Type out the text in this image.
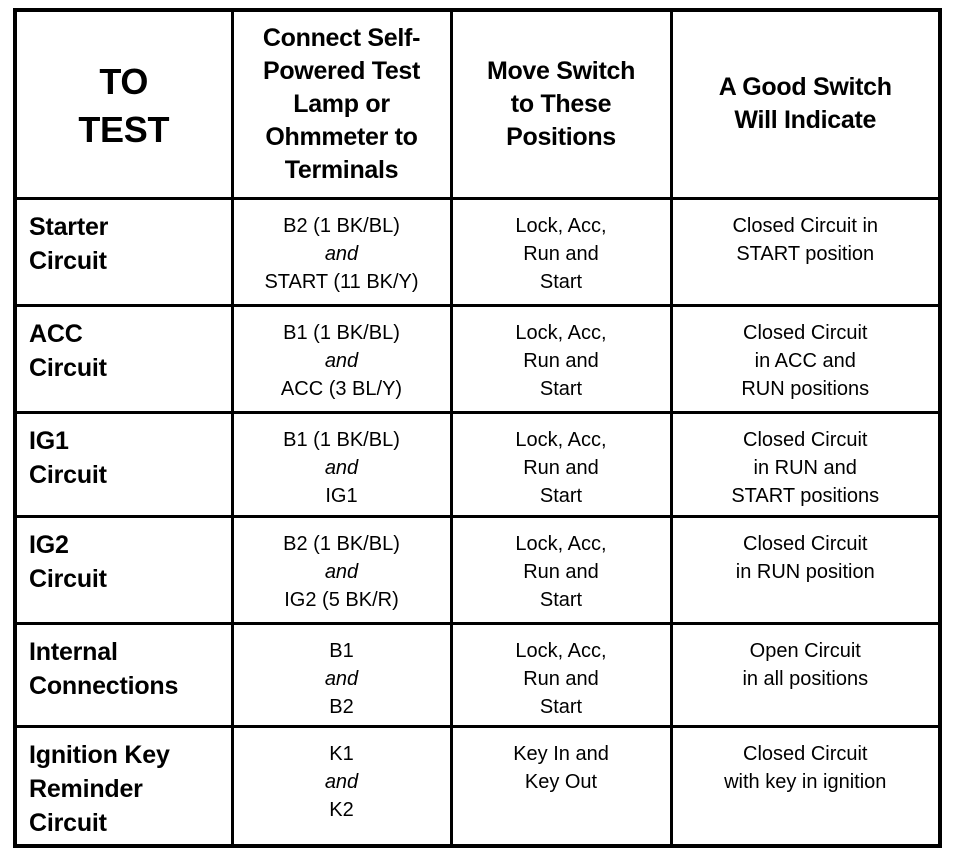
TO
TEST	Connect Self-
Powered Test
Lamp or
Ohmmeter to
Terminals	Move Switch
to These
Positions	A Good Switch
Will Indicate

Starter
Circuit	B2 (1 BK/BL)
and
START (11 BK/Y)	Lock, Acc,
Run and
Start	Closed Circuit in
START position

ACC
Circuit	B1 (1 BK/BL)
and
ACC (3 BL/Y)	Lock, Acc,
Run and
Start	Closed Circuit
in ACC and
RUN positions

IG1
Circuit	B1 (1 BK/BL)
and
IG1	Lock, Acc,
Run and
Start	Closed Circuit
in RUN and
START positions

IG2
Circuit	B2 (1 BK/BL)
and
IG2 (5 BK/R)	Lock, Acc,
Run and
Start	Closed Circuit
in RUN position

Internal
Connections	B1
and
B2	Lock, Acc,
Run and
Start	Open Circuit
in all positions

Ignition Key
Reminder
Circuit	K1
and
K2	Key In and
Key Out	Closed Circuit
with key in ignition
